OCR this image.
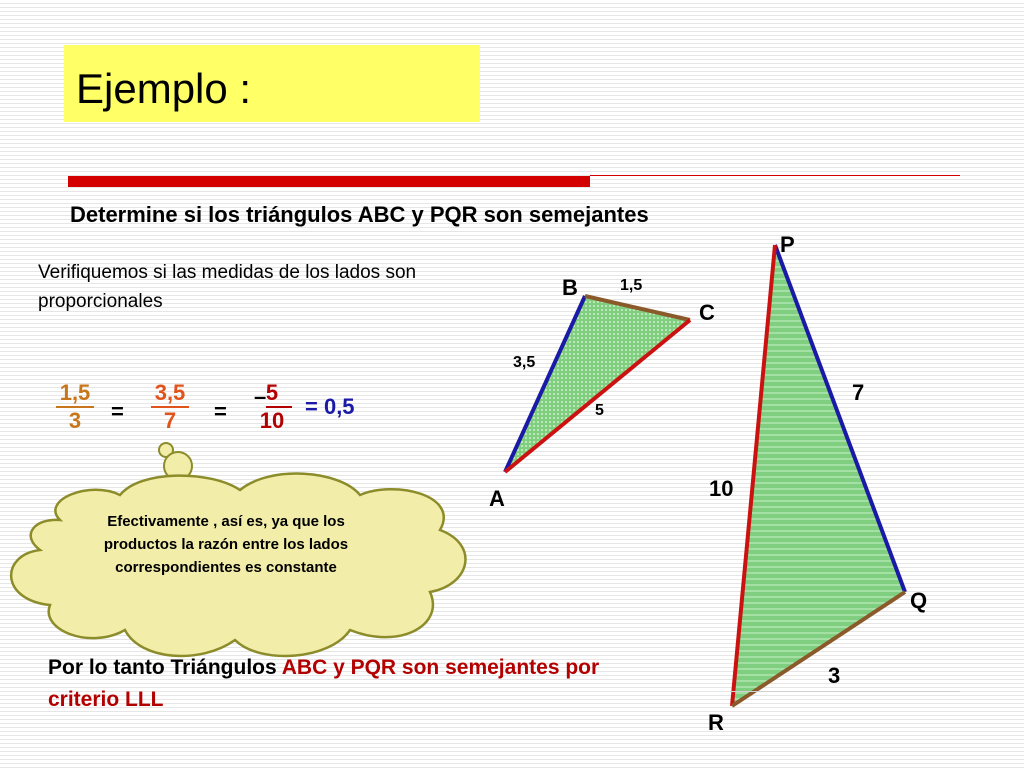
Ejemplo :
Determine si los triángulos ABC y PQR son semejantes
Verifiquemos si las medidas de los lados son proporcionales
B
C
A
1,5
3,5
5
P
Q
R
7
10
3
1,5
3	=
3,5
7	=
– 5
10
= 0,5
Efectivamente , así es, ya que los productos la razón entre los lados correspondientes es constante
Por lo tanto Triángulos ABC y PQR son semejantes por criterio LLL
